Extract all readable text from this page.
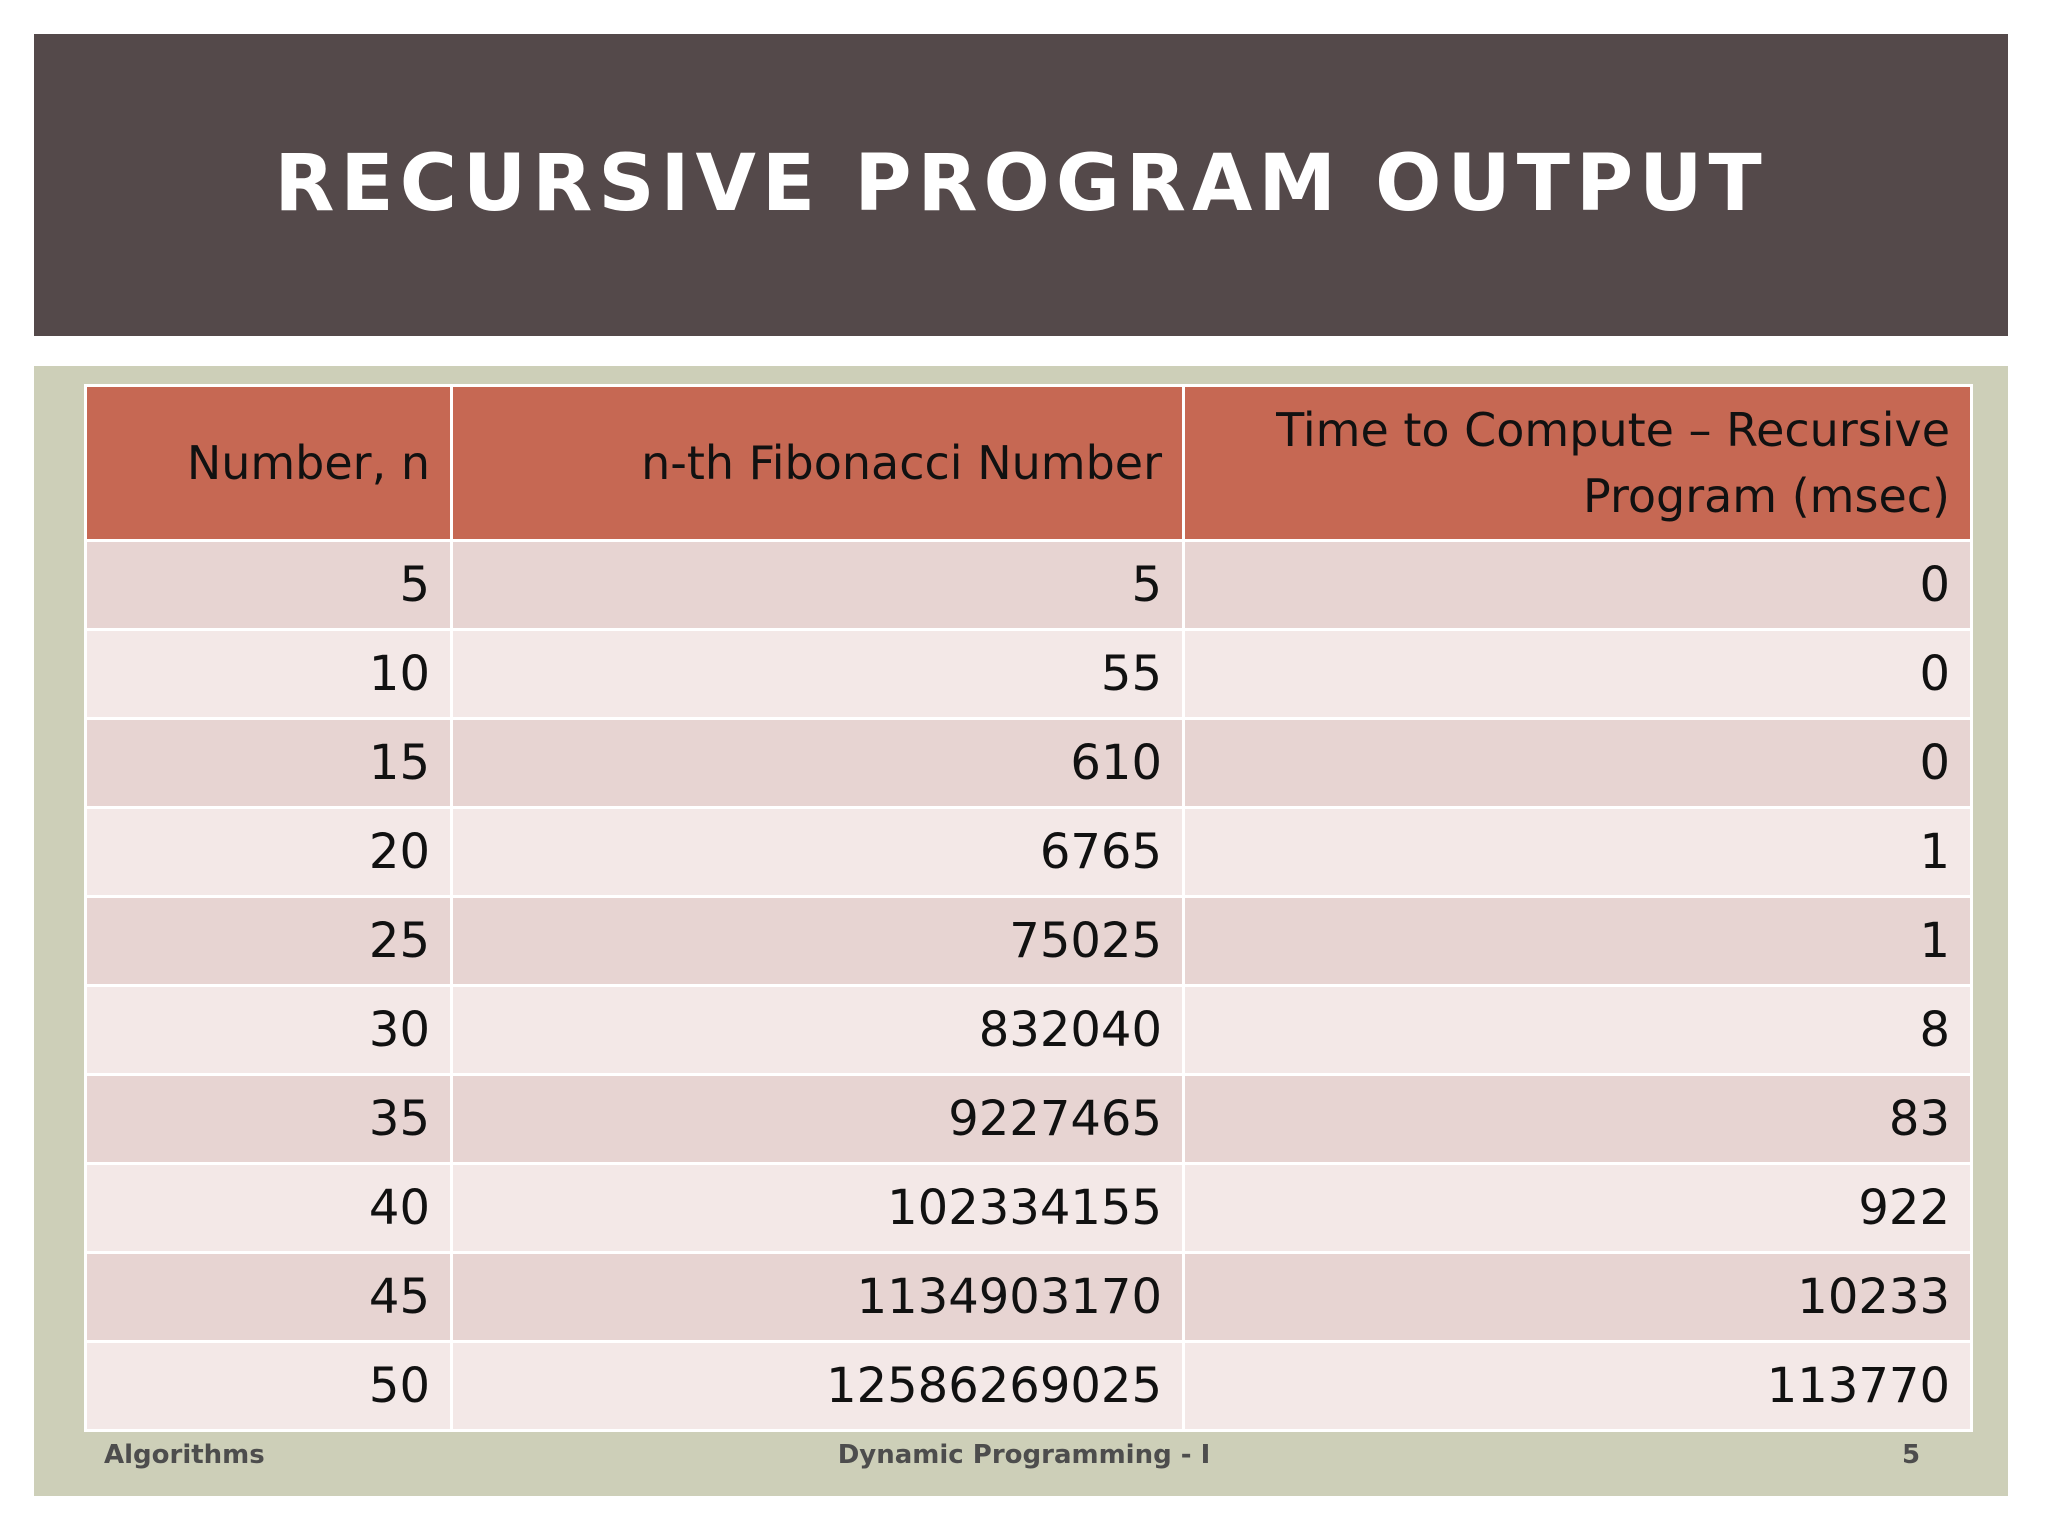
RECURSIVE PROGRAM OUTPUT
Number, n	n-th Fibonacci Number	Time to Compute – Recursive Program (msec)
5	5	0
10	55	0
15	610	0
20	6765	1
25	75025	1
30	832040	8
35	9227465	83
40	102334155	922
45	1134903170	10233
50	12586269025	113770
Algorithms	Dynamic Programming - I	5
